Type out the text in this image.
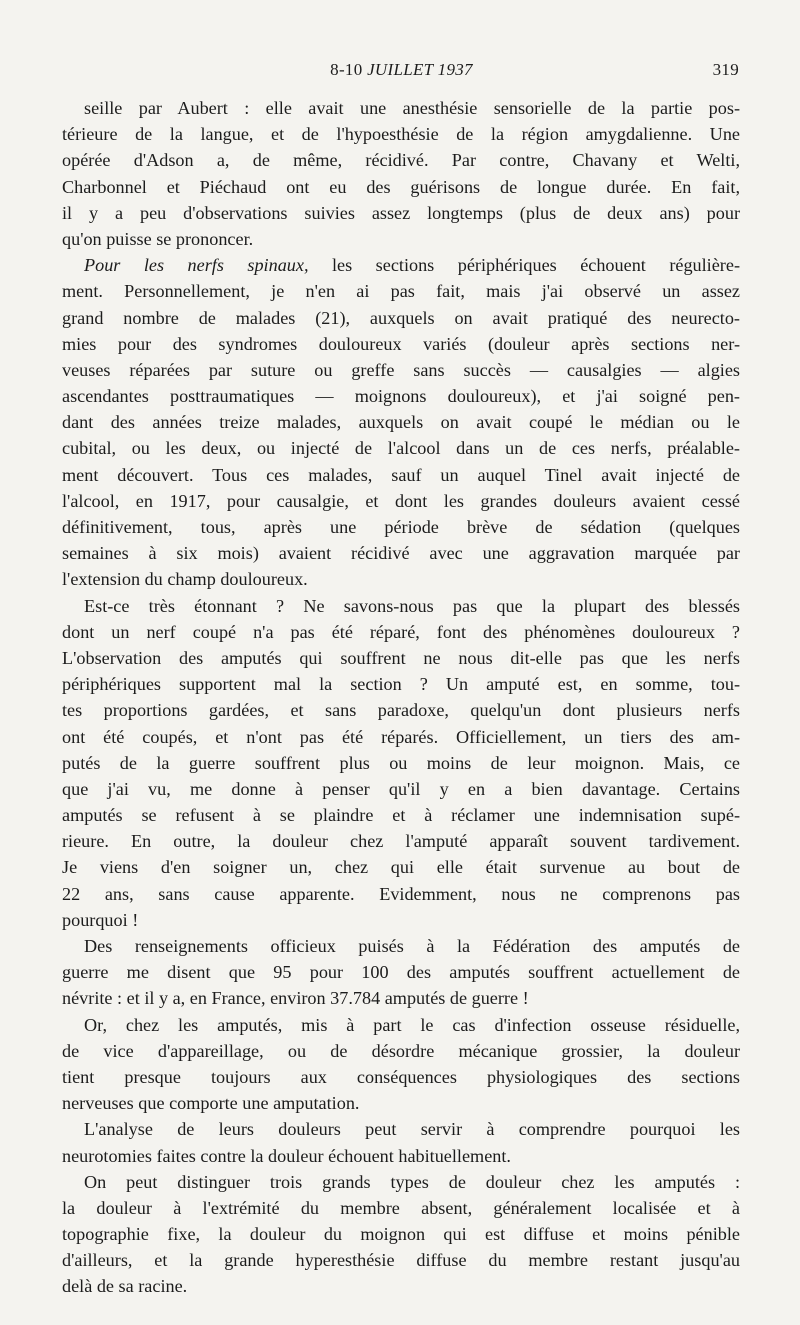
8-10 JUILLET 1937	319
seille par Aubert : elle avait une anesthésie sensorielle de la partie pos-
térieure de la langue, et de l'hypoesthésie de la région amygdalienne. Une
opérée d'Adson a, de même, récidivé. Par contre, Chavany et Welti,
Charbonnel et Piéchaud ont eu des guérisons de longue durée. En fait,
il y a peu d'observations suivies assez longtemps (plus de deux ans) pour
qu'on puisse se prononcer.
Pour les nerfs spinaux, les sections périphériques échouent régulière-
ment. Personnellement, je n'en ai pas fait, mais j'ai observé un assez
grand nombre de malades (21), auxquels on avait pratiqué des neurecto-
mies pour des syndromes douloureux variés (douleur après sections ner-
veuses réparées par suture ou greffe sans succès — causalgies — algies
ascendantes posttraumatiques — moignons douloureux), et j'ai soigné pen-
dant des années treize malades, auxquels on avait coupé le médian ou le
cubital, ou les deux, ou injecté de l'alcool dans un de ces nerfs, préalable-
ment découvert. Tous ces malades, sauf un auquel Tinel avait injecté de
l'alcool, en 1917, pour causalgie, et dont les grandes douleurs avaient cessé
définitivement, tous, après une période brève de sédation (quelques
semaines à six mois) avaient récidivé avec une aggravation marquée par
l'extension du champ douloureux.
Est-ce très étonnant ? Ne savons-nous pas que la plupart des blessés
dont un nerf coupé n'a pas été réparé, font des phénomènes douloureux ?
L'observation des amputés qui souffrent ne nous dit-elle pas que les nerfs
périphériques supportent mal la section ? Un amputé est, en somme, tou-
tes proportions gardées, et sans paradoxe, quelqu'un dont plusieurs nerfs
ont été coupés, et n'ont pas été réparés. Officiellement, un tiers des am-
putés de la guerre souffrent plus ou moins de leur moignon. Mais, ce
que j'ai vu, me donne à penser qu'il y en a bien davantage. Certains
amputés se refusent à se plaindre et à réclamer une indemnisation supé-
rieure. En outre, la douleur chez l'amputé apparaît souvent tardivement.
Je viens d'en soigner un, chez qui elle était survenue au bout de
22 ans, sans cause apparente. Evidemment, nous ne comprenons pas
pourquoi !
Des renseignements officieux puisés à la Fédération des amputés de
guerre me disent que 95 pour 100 des amputés souffrent actuellement de
névrite : et il y a, en France, environ 37.784 amputés de guerre !
Or, chez les amputés, mis à part le cas d'infection osseuse résiduelle,
de vice d'appareillage, ou de désordre mécanique grossier, la douleur
tient presque toujours aux conséquences physiologiques des sections
nerveuses que comporte une amputation.
L'analyse de leurs douleurs peut servir à comprendre pourquoi les
neurotomies faites contre la douleur échouent habituellement.
On peut distinguer trois grands types de douleur chez les amputés :
la douleur à l'extrémité du membre absent, généralement localisée et à
topographie fixe, la douleur du moignon qui est diffuse et moins pénible
d'ailleurs, et la grande hyperesthésie diffuse du membre restant jusqu'au
delà de sa racine.
